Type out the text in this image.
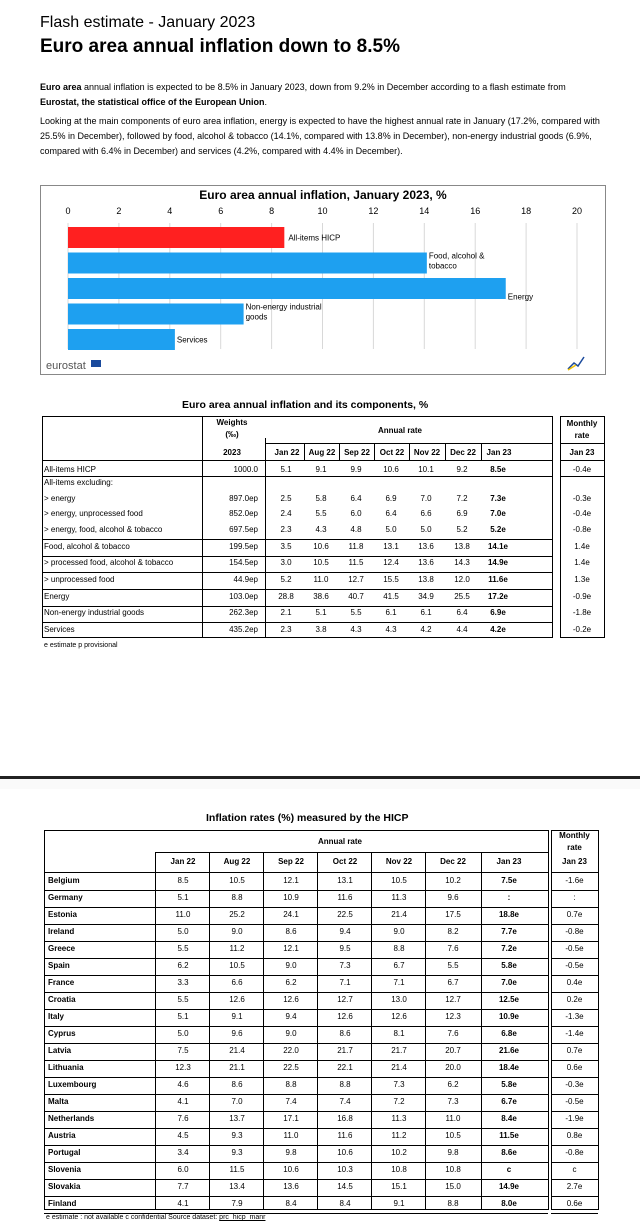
Flash estimate - January 2023
Euro area annual inflation down to 8.5%
Euro area annual inflation is expected to be 8.5% in January 2023, down from 9.2% in December according to a flash estimate from Eurostat, the statistical office of the European Union.
Looking at the main components of euro area inflation, energy is expected to have the highest annual rate in January (17.2%, compared with 25.5% in December), followed by food, alcohol & tobacco (14.1%, compared with 13.8% in December), non-energy industrial goods (6.9%, compared with 6.4% in December) and services (4.2%, compared with 4.4% in December).
Euro area annual inflation, January 2023, %
0	2	4	6	8	10	12	14	16	18	20
All-items HICP
Food, alcohol &
tobacco
Energy
Non-energy industrial
goods
Services
eurostat
Euro area annual inflation and its components, %
Weights
(‰)
2023
Annual rate
Monthly
rate
Jan 23
Jan 22	Aug 22	Sep 22	Oct 22	Nov 22	Dec 22	Jan 23
All-items HICP	1000.0	5.1	9.1	9.9	10.6	10.1	9.2	8.5e	-0.4e
All-items excluding:
> energy	897.0ep	2.5	5.8	6.4	6.9	7.0	7.2	7.3e	-0.3e
> energy, unprocessed food	852.0ep	2.4	5.5	6.0	6.4	6.6	6.9	7.0e	-0.4e
> energy, food, alcohol & tobacco	697.5ep	2.3	4.3	4.8	5.0	5.0	5.2	5.2e	-0.8e
Food, alcohol & tobacco	199.5ep	3.5	10.6	11.8	13.1	13.6	13.8	14.1e	1.4e
> processed food, alcohol & tobacco	154.5ep	3.0	10.5	11.5	12.4	13.6	14.3	14.9e	1.4e
> unprocessed food	44.9ep	5.2	11.0	12.7	15.5	13.8	12.0	11.6e	1.3e
Energy	103.0ep	28.8	38.6	40.7	41.5	34.9	25.5	17.2e	-0.9e
Non-energy industrial goods	262.3ep	2.1	5.1	5.5	6.1	6.1	6.4	6.9e	-1.8e
Services	435.2ep	2.3	3.8	4.3	4.3	4.2	4.4	4.2e	-0.2e
e estimate p provisional
Inflation rates (%) measured by the HICP
Annual rate
Monthly
rate
Jan 23
Jan 22	Aug 22	Sep 22	Oct 22	Nov 22	Dec 22	Jan 23
Belgium	8.5	10.5	12.1	13.1	10.5	10.2	7.5e	-1.6e
Germany	5.1	8.8	10.9	11.6	11.3	9.6	:	:
Estonia	11.0	25.2	24.1	22.5	21.4	17.5	18.8e	0.7e
Ireland	5.0	9.0	8.6	9.4	9.0	8.2	7.7e	-0.8e
Greece	5.5	11.2	12.1	9.5	8.8	7.6	7.2e	-0.5e
Spain	6.2	10.5	9.0	7.3	6.7	5.5	5.8e	-0.5e
France	3.3	6.6	6.2	7.1	7.1	6.7	7.0e	0.4e
Croatia	5.5	12.6	12.6	12.7	13.0	12.7	12.5e	0.2e
Italy	5.1	9.1	9.4	12.6	12.6	12.3	10.9e	-1.3e
Cyprus	5.0	9.6	9.0	8.6	8.1	7.6	6.8e	-1.4e
Latvia	7.5	21.4	22.0	21.7	21.7	20.7	21.6e	0.7e
Lithuania	12.3	21.1	22.5	22.1	21.4	20.0	18.4e	0.6e
Luxembourg	4.6	8.6	8.8	8.8	7.3	6.2	5.8e	-0.3e
Malta	4.1	7.0	7.4	7.4	7.2	7.3	6.7e	-0.5e
Netherlands	7.6	13.7	17.1	16.8	11.3	11.0	8.4e	-1.9e
Austria	4.5	9.3	11.0	11.6	11.2	10.5	11.5e	0.8e
Portugal	3.4	9.3	9.8	10.6	10.2	9.8	8.6e	-0.8e
Slovenia	6.0	11.5	10.6	10.3	10.8	10.8	c	c
Slovakia	7.7	13.4	13.6	14.5	15.1	15.0	14.9e	2.7e
Finland	4.1	7.9	8.4	8.4	9.1	8.8	8.0e	0.6e
e estimate : not available c confidential Source dataset: prc_hicp_manr
